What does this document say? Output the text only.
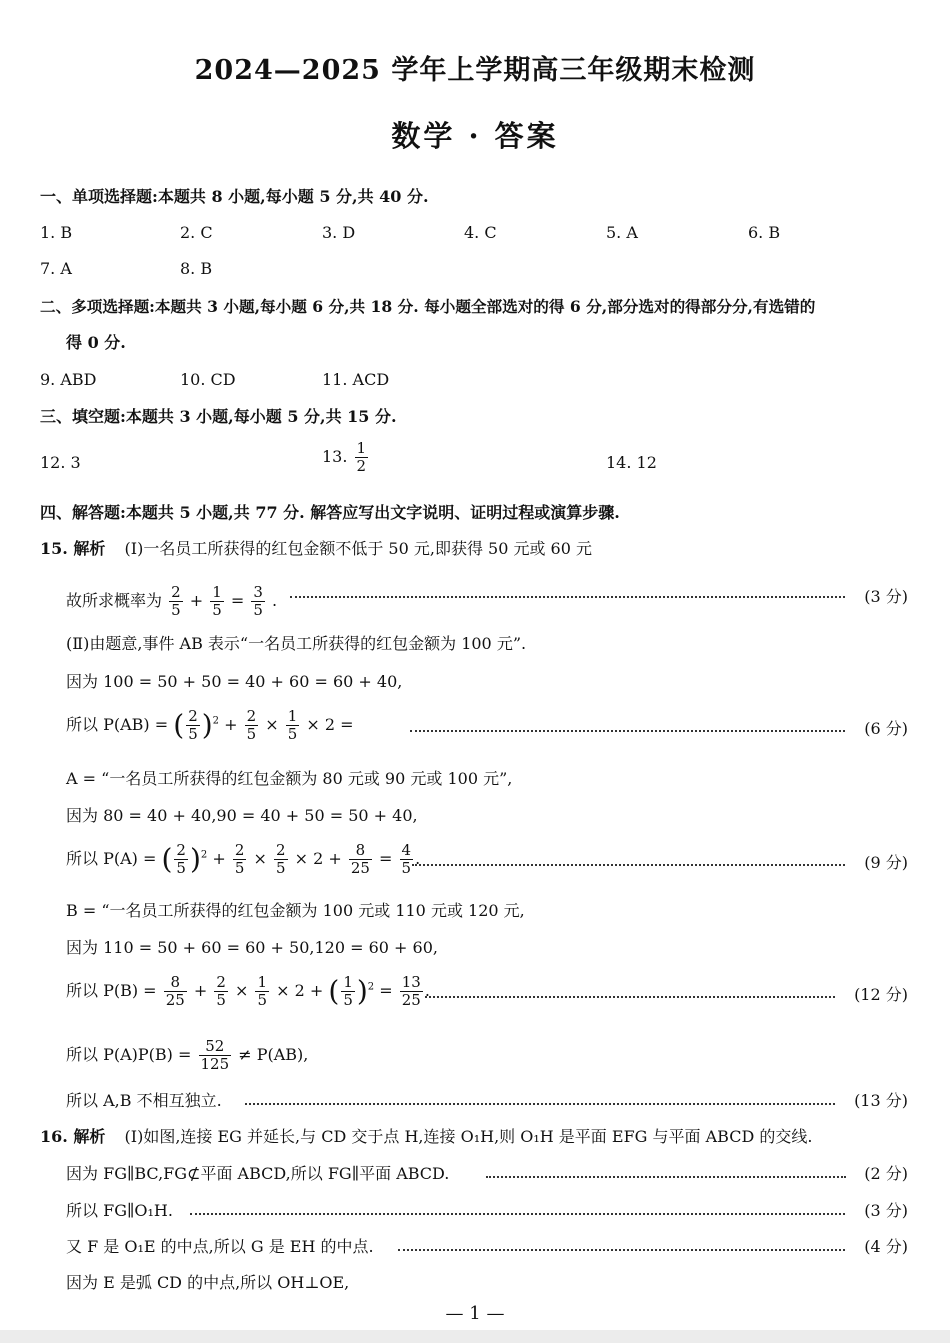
2024—2025 学年上学期高三年级期末检测
数学 · 答案
一、单项选择题:本题共 8 小题,每小题 5 分,共 40 分.
1. B	2. C	3. D	4. C	5. A	6. B
7. A	8. B
二、多项选择题:本题共 3 小题,每小题 6 分,共 18 分. 每小题全部选对的得 6 分,部分选对的得部分分,有选错的
得 0 分.
9. ABD	10. CD	11. ACD
三、填空题:本题共 3 小题,每小题 5 分,共 15 分.
12. 3	13. $\frac{1}{2}$	14. 12
四、解答题:本题共 5 小题,共 77 分. 解答应写出文字说明、证明过程或演算步骤.
15. 解析 (Ⅰ)一名员工所获得的红包金额不低于 50 元,即获得 50 元或 60 元
故所求概率为 $\frac{2}{5} + \frac{1}{5} = \frac{3}{5}$ .	(3 分)
(Ⅱ)由题意,事件 AB 表示“一名员工所获得的红包金额为 100 元”.
因为 100 = 50 + 50 = 40 + 60 = 60 + 40,
所以 P(AB) = ( $\frac{2}{5} )^2 + \frac{2}{5} \times \frac{1}{5} \times 2$ =	(6 分)
A = “一名员工所获得的红包金额为 80 元或 90 元或 100 元”,
因为 80 = 40 + 40,90 = 40 + 50 = 50 + 40,
所以 P(A) = ( $\frac{2}{5} )^2 + \frac{2}{5} \times \frac{2}{5} \times 2 + \frac{8}{25} = \frac{4}{5}$ .	(9 分)
B = “一名员工所获得的红包金额为 100 元或 110 元或 120 元,
因为 110 = 50 + 60 = 60 + 50,120 = 60 + 60,
所以 $P(B) = \frac{8}{25} + \frac{2}{5} \times \frac{1}{5} \times 2$ + ( $\frac{1}{5} )^2 = \frac{13}{25}$ .	(12 分)
所以 $P(A)P(B) = \frac{52}{125} \ne P(AB)$,
所以 A,B 不相互独立.	(13 分)
16. 解析 (Ⅰ)如图,连接 EG 并延长,与 CD 交于点 H,连接 O₁H,则 O₁H 是平面 EFG 与平面 ABCD 的交线.
因为 FG∥BC,FG⊄平面 ABCD,所以 FG∥平面 ABCD.	(2 分)
所以 FG∥O₁H.	(3 分)
又 F 是 O₁E 的中点,所以 G 是 EH 的中点.	(4 分)
因为 E 是弧 CD 的中点,所以 OH⊥OE,
— 1 —
